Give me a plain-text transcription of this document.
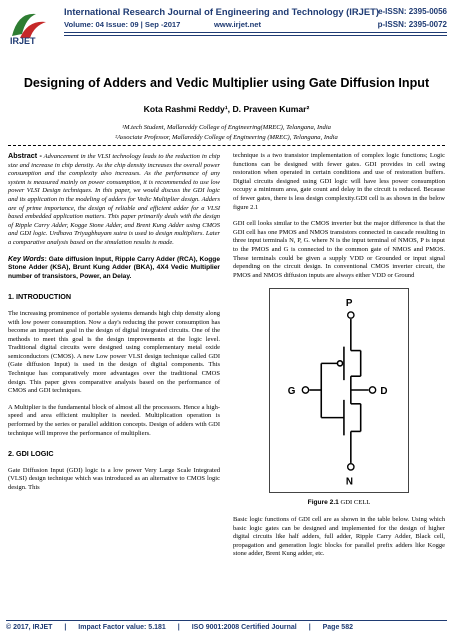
IRJET
International Research Journal of Engineering and Technology (IRJET) e-ISSN: 2395-0056
Volume: 04 Issue: 09 | Sep -2017	www.irjet.net	p-ISSN: 2395-0072
Designing of Adders and Vedic Multiplier using Gate Diffusion Input
Kota Rashmi Reddy¹, D. Praveen Kumar²
¹M.tech Student, Mallareddy College of Engineering(MREC), Telangana, India
²Associate Professor, Mallareddy College of Engineering (MREC), Telangana, India

Abstract - Advancement in the VLSI technology leads to the reduction in chip size and increase in chip density. As the chip density increases the overall power consumption and the complexity also increases. As the performance of any system is measured mainly on power consumption, it is recommended to use low power VLSI Design techniques. In this paper, we would discuss the GDI logic and its application in the modeling of adders for Vedic Multiplier design. Adders are of prime importance, the design of reliable and efficient adder for a VLSI based embedded application matters. This paper primarily deals with the design of Ripple Carry Adder, Kogge Stone Adder, and Brent Kung Adder using CMOS and GDI logic. Urdhava Triyagbhayam sutra is used to design multipliers. Later a comparative analysis based on the simulation results is made.

Key Words: Gate diffusion Input, Ripple Carry Adder (RCA), Kogge Stone Adder (KSA), Brunt Kung Adder (BKA), 4X4 Vedic Multiplier number of transistors, Power, an Delay.

1. INTRODUCTION

The increasing prominence of portable systems demands high chip density along with low power consumption. Now a day's reducing the power consumption has become an important goal in the design of digital integrated circuits. One of the methods to meet this goal is the design improvements at the logic level. Traditional digital circuits were designed using complementary metal oxide semiconductors (CMOS). A new Low power VLSI design technique called GDI (Gate diffusion Input) is used in the design of digital components. This Technique has comparatively more advantages over the traditional CMOS design. This paper gives comparative analysis based on the performance of CMOS and GDI techniques.

A Multiplier is the fundamental block of almost all the processors. Hence a high-speed and area efficient multiplier is needed. Multiplication operation is performed by the series or parallel addition concepts. Design of adders with GDI technique will improve the performance of multipliers.

2. GDI LOGIC

Gate Diffusion Input (GDI) logic is a low power Very Large Scale Integrated (VLSI) design technique which was introduced as an alternative to CMOS logic design. This

technique is a two transistor implementation of complex logic functions; Logic functions can be designed with fewer gates. GDI provides in cell swing restoration when operated in certain conditions and use of restoration buffers. Digital circuits designed using GDI logic will have less power consumption occupy a minimum area, gate count and delay in the circuit is reduced. Because of fewer gates, there is less design complexity.GDI cell is as shown in the below figure 2.1

GDI cell looks similar to the CMOS inverter but the major difference is that the GDI cell has one PMOS and NMOS transistors connected in cascade resulting in three input terminals N, P, G. where N is the input terminal of NMOS, P is input to the PMOS and G is connected to the common gate of NMOS and PMOS. These terminals could be given a supply VDD or Grounded or input signal depending on the circuit design. In conventional CMOS inverter circuit, the PMOS and NMOS diffusion inputs are always either VDD or Ground

P
G	D
N
Figure 2.1 GDI CELL

Basic logic functions of GDI cell are as shown in the table below. Using which basic logic gates can be designed and implemented for the design of higher digital circuits like half adders, full adder, Ripple Carry Adder, Black cell, propagation and generation logic blocks for parallel prefix adders like Kogge stone adder, Brent Kung adder, etc.

© 2017, IRJET | Impact Factor value: 5.181 | ISO 9001:2008 Certified Journal | Page 582
